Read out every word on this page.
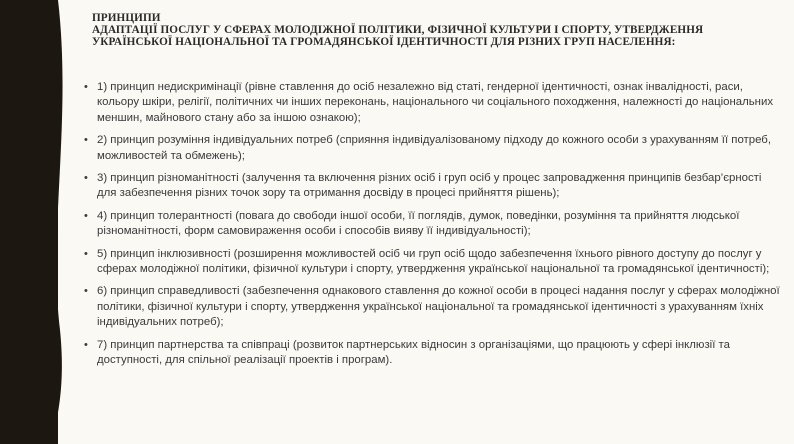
ПРИНЦИПИ
АДАПТАЦІЇ ПОСЛУГ У СФЕРАХ МОЛОДІЖНОЇ ПОЛІТИКИ, ФІЗИЧНОЇ КУЛЬТУРИ І СПОРТУ, УТВЕРДЖЕННЯ
УКРАЇНСЬКОЇ НАЦІОНАЛЬНОЇ ТА ГРОМАДЯНСЬКОЇ ІДЕНТИЧНОСТІ ДЛЯ РІЗНИХ ГРУП НАСЕЛЕННЯ:
• 1) принцип недискримінації (рівне ставлення до осіб незалежно від статі, гендерної ідентичності, ознак інвалідності, раси, кольору шкіри, релігії, політичних чи інших переконань, національного чи соціального походження, належності до національних меншин, майнового стану або за іншою ознакою);
• 2) принцип розуміння індивідуальних потреб (сприяння індивідуалізованому підходу до кожного особи з урахуванням її потреб, можливостей та обмежень);
• 3) принцип різноманітності (залучення та включення різних осіб і груп осіб у процес запровадження принципів безбар’єрності для забезпечення різних точок зору та отримання досвіду в процесі прийняття рішень);
• 4) принцип толерантності (повага до свободи іншої особи, її поглядів, думок, поведінки, розуміння та прийняття людської різноманітності, форм самовираження особи і способів вияву її індивідуальності);
• 5) принцип інклюзивності (розширення можливостей осіб чи груп осіб щодо забезпечення їхнього рівного доступу до послуг у сферах молодіжної політики, фізичної культури і спорту, утвердження української національної та громадянської ідентичності);
• 6) принцип справедливості (забезпечення однакового ставлення до кожної особи в процесі надання послуг у сферах молодіжної політики, фізичної культури і спорту, утвердження української національної та громадянської ідентичності з урахуванням їхніх індивідуальних потреб);
• 7) принцип партнерства та співпраці (розвиток партнерських відносин з організаціями, що працюють у сфері інклюзії та доступності, для спільної реалізації проектів і програм).
